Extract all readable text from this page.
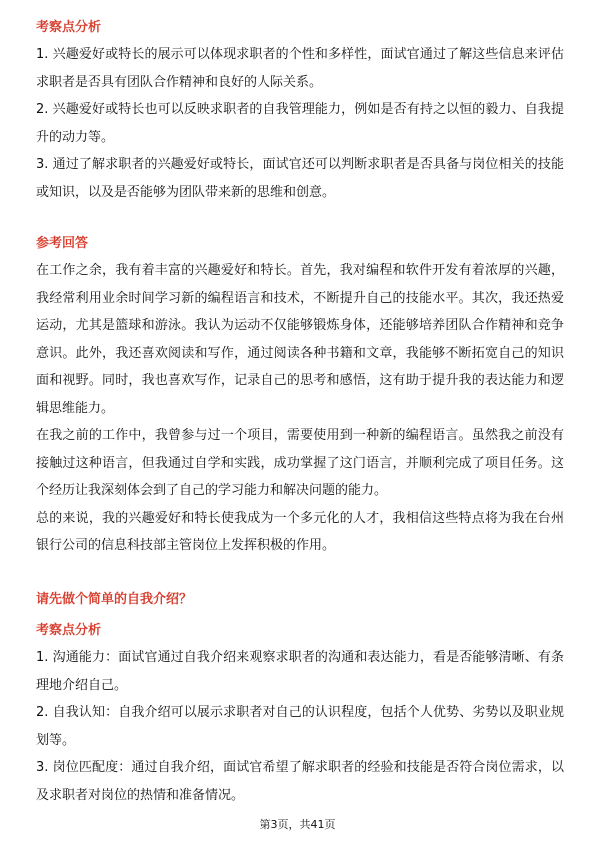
考察点分析

1. 兴趣爱好或特长的展示可以体现求职者的个性和多样性，面试官通过了解这些信息来评估求职者是否具有团队合作精神和良好的人际关系。

2. 兴趣爱好或特长也可以反映求职者的自我管理能力，例如是否有持之以恒的毅力、自我提升的动力等。

3. 通过了解求职者的兴趣爱好或特长，面试官还可以判断求职者是否具备与岗位相关的技能或知识，以及是否能够为团队带来新的思维和创意。

参考回答

在工作之余，我有着丰富的兴趣爱好和特长。首先，我对编程和软件开发有着浓厚的兴趣，我经常利用业余时间学习新的编程语言和技术，不断提升自己的技能水平。其次，我还热爱运动，尤其是篮球和游泳。我认为运动不仅能够锻炼身体，还能够培养团队合作精神和竞争意识。此外，我还喜欢阅读和写作，通过阅读各种书籍和文章，我能够不断拓宽自己的知识面和视野。同时，我也喜欢写作，记录自己的思考和感悟，这有助于提升我的表达能力和逻辑思维能力。

在我之前的工作中，我曾参与过一个项目，需要使用到一种新的编程语言。虽然我之前没有接触过这种语言，但我通过自学和实践，成功掌握了这门语言，并顺利完成了项目任务。这个经历让我深刻体会到了自己的学习能力和解决问题的能力。

总的来说，我的兴趣爱好和特长使我成为一个多元化的人才，我相信这些特点将为我在台州银行公司的信息科技部主管岗位上发挥积极的作用。

请先做个简单的自我介绍？

考察点分析

1. 沟通能力：面试官通过自我介绍来观察求职者的沟通和表达能力，看是否能够清晰、有条理地介绍自己。

2. 自我认知：自我介绍可以展示求职者对自己的认识程度，包括个人优势、劣势以及职业规划等。

3. 岗位匹配度：通过自我介绍，面试官希望了解求职者的经验和技能是否符合岗位需求，以及求职者对岗位的热情和准备情况。

第3页，共41页
